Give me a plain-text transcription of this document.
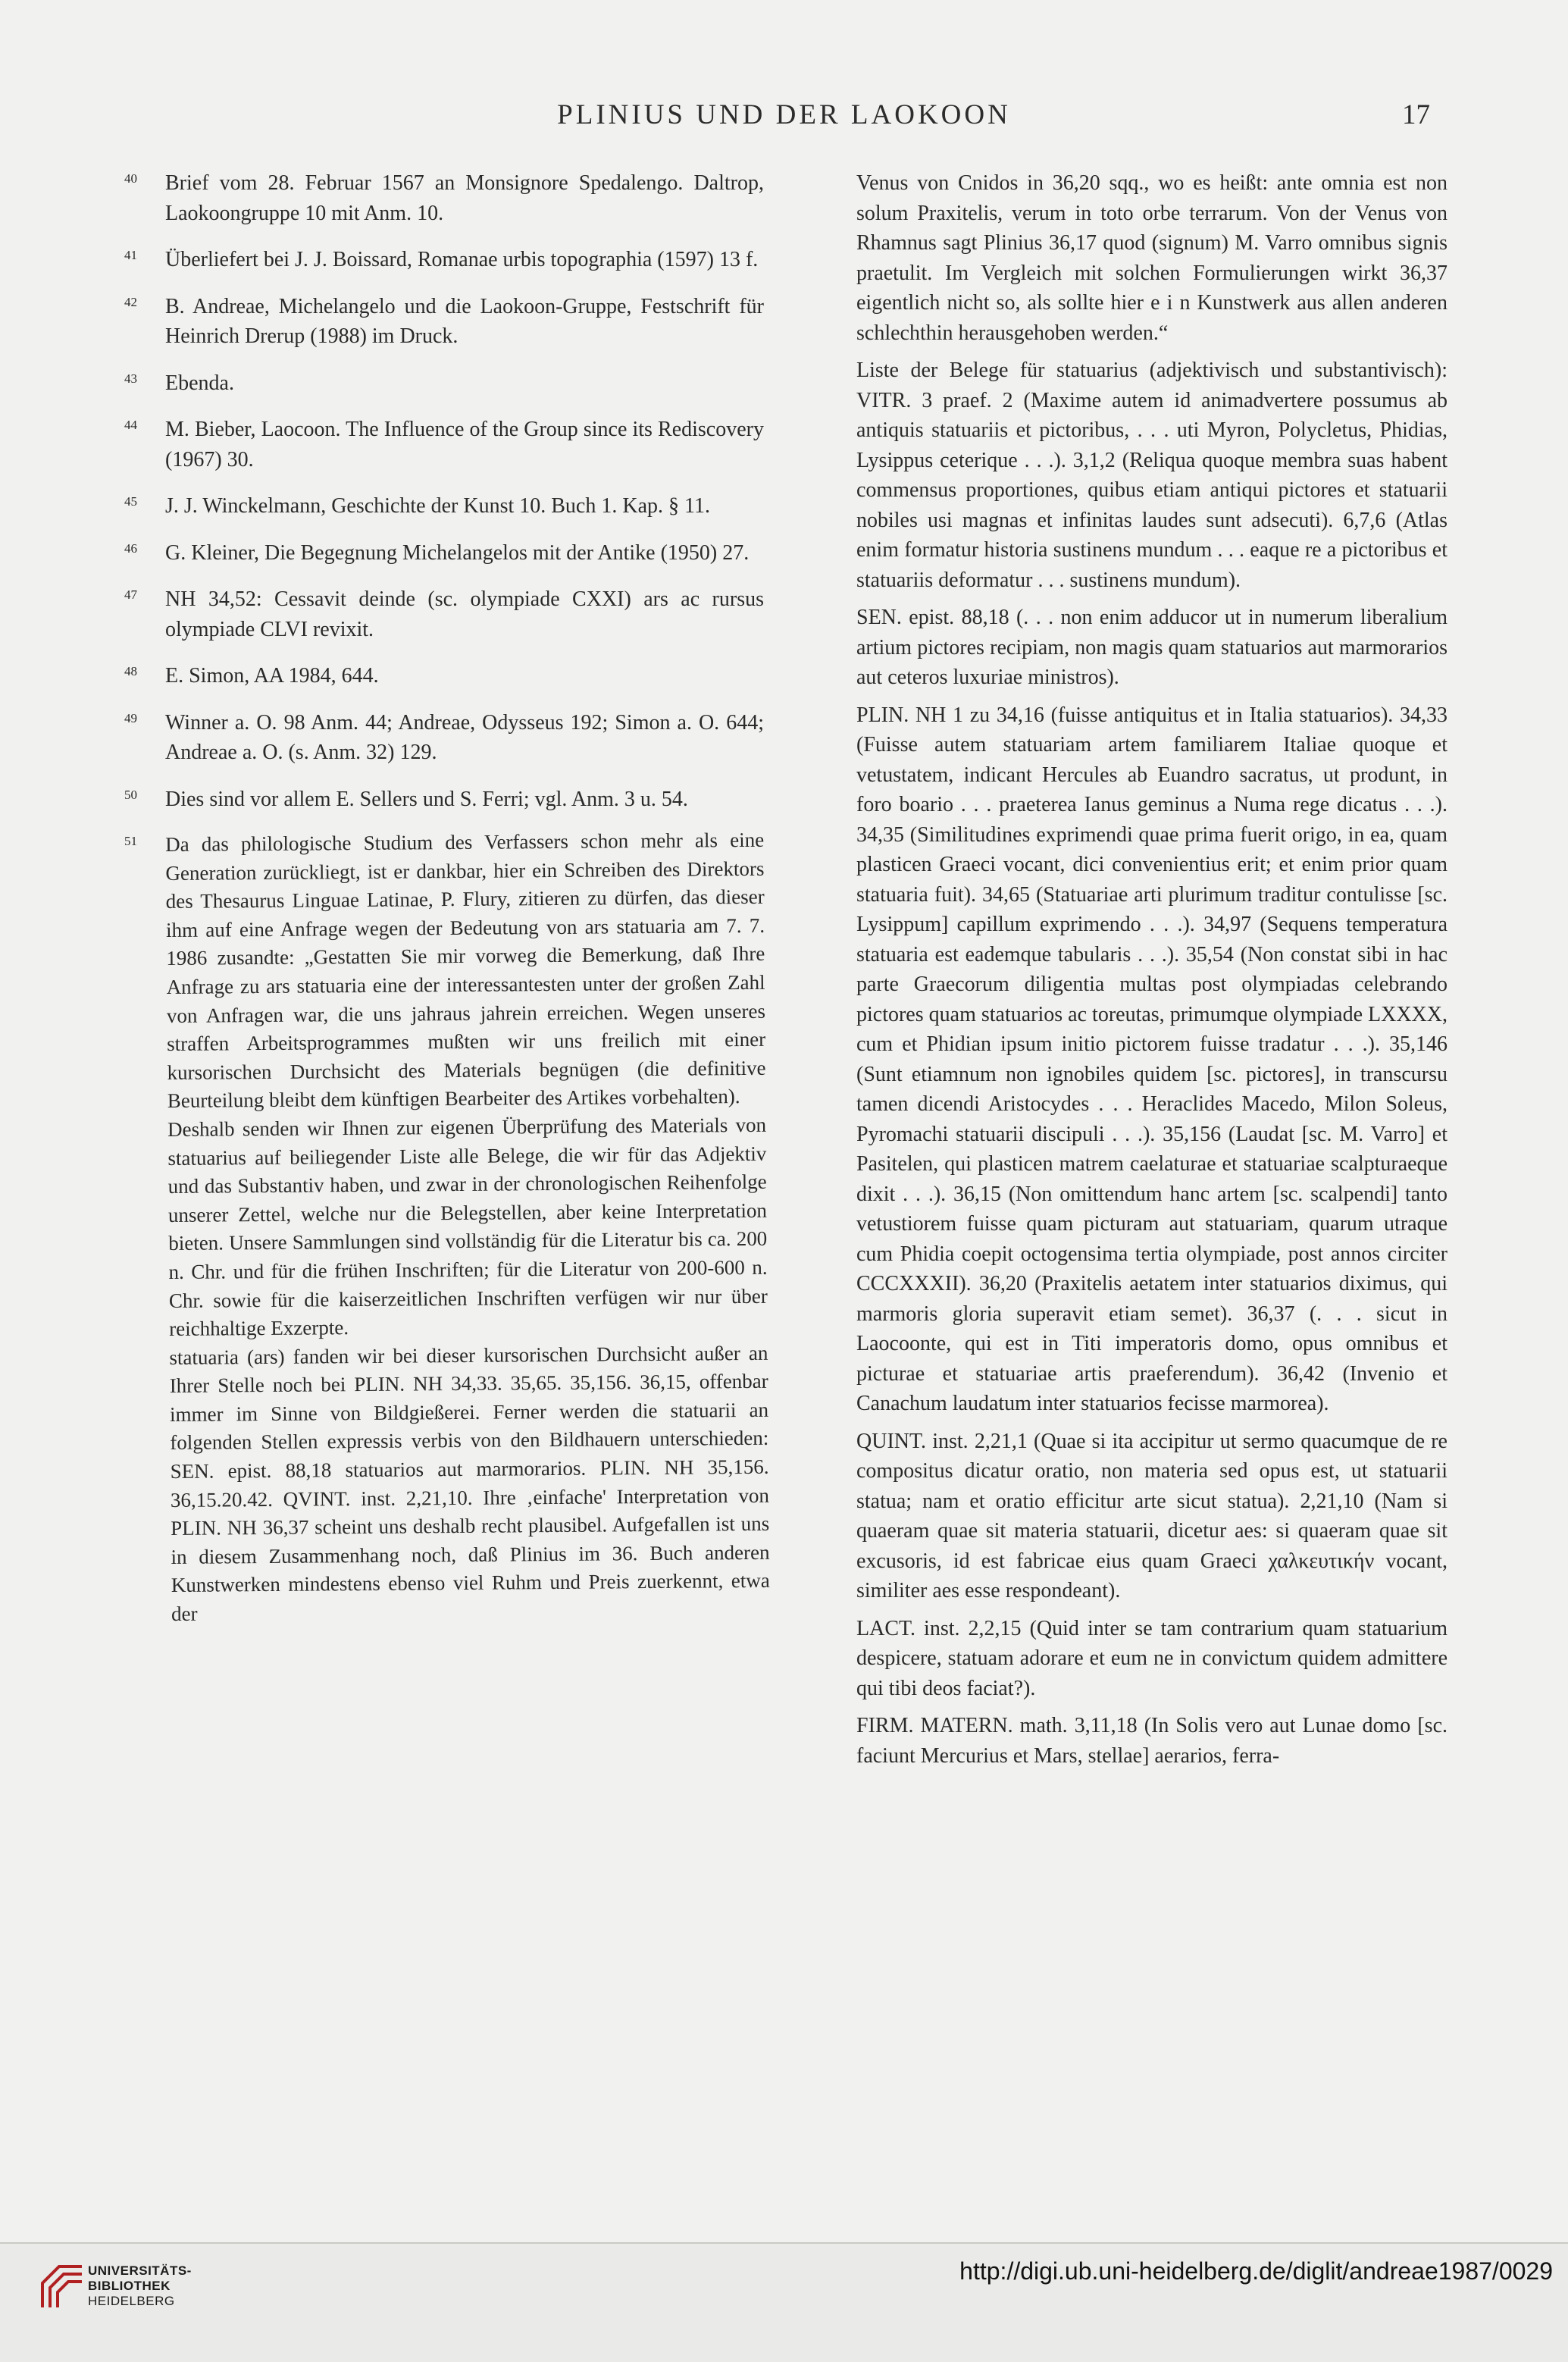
PLINIUS UND DER LAOKOON	17
40	Brief vom 28. Februar 1567 an Monsignore Spedalengo. Daltrop, Laokoongruppe 10 mit Anm. 10.
41	Überliefert bei J. J. Boissard, Romanae urbis topographia (1597) 13 f.
42	B. Andreae, Michelangelo und die Laokoon-Gruppe, Festschrift für Heinrich Drerup (1988) im Druck.
43	Ebenda.
44	M. Bieber, Laocoon. The Influence of the Group since its Rediscovery (1967) 30.
45	J. J. Winckelmann, Geschichte der Kunst 10. Buch 1. Kap. § 11.
46	G. Kleiner, Die Begegnung Michelangelos mit der Antike (1950) 27.
47	NH 34,52: Cessavit deinde (sc. olympiade CXXI) ars ac rursus olympiade CLVI revixit.
48	E. Simon, AA 1984, 644.
49	Winner a. O. 98 Anm. 44; Andreae, Odysseus 192; Simon a. O. 644; Andreae a. O. (s. Anm. 32) 129.
50	Dies sind vor allem E. Sellers und S. Ferri; vgl. Anm. 3 u. 54.
51	Da das philologische Studium des Verfassers schon mehr als eine Generation zurückliegt, ist er dankbar, hier ein Schreiben des Direktors des Thesaurus Linguae Latinae, P. Flury, zitieren zu dürfen, das dieser ihm auf eine Anfrage wegen der Bedeutung von ars statuaria am 7. 7. 1986 zusandte: „Gestatten Sie mir vorweg die Bemerkung, daß Ihre Anfrage zu ars statuaria eine der interessantesten unter der großen Zahl von Anfragen war, die uns jahraus jahrein erreichen. Wegen unseres straffen Arbeitsprogrammes mußten wir uns freilich mit einer kursorischen Durchsicht des Materials begnügen (die definitive Beurteilung bleibt dem künftigen Bearbeiter des Artikes vorbehalten).

Deshalb senden wir Ihnen zur eigenen Überprüfung des Materials von statuarius auf beiliegender Liste alle Belege, die wir für das Adjektiv und das Substantiv haben, und zwar in der chronologischen Reihenfolge unserer Zettel, welche nur die Belegstellen, aber keine Interpretation bieten. Unsere Sammlungen sind vollständig für die Literatur bis ca. 200 n. Chr. und für die frühen Inschriften; für die Literatur von 200-600 n. Chr. sowie für die kaiserzeitlichen Inschriften verfügen wir nur über reichhaltige Exzerpte.

statuaria (ars) fanden wir bei dieser kursorischen Durchsicht außer an Ihrer Stelle noch bei PLIN. NH 34,33. 35,65. 35,156. 36,15, offenbar immer im Sinne von Bildgießerei. Ferner werden die statuarii an folgenden Stellen expressis verbis von den Bildhauern unterschieden: SEN. epist. 88,18 statuarios aut marmorarios. PLIN. NH 35,156. 36,15.20.42. QVINT. inst. 2,21,10. Ihre ‚einfache' Interpretation von PLIN. NH 36,37 scheint uns deshalb recht plausibel. Aufgefallen ist uns in diesem Zusammenhang noch, daß Plinius im 36. Buch anderen Kunstwerken mindestens ebenso viel Ruhm und Preis zuerkennt, etwa der

Venus von Cnidos in 36,20 sqq., wo es heißt: ante omnia est non solum Praxitelis, verum in toto orbe terrarum. Von der Venus von Rhamnus sagt Plinius 36,17 quod (signum) M. Varro omnibus signis praetulit. Im Vergleich mit solchen Formulierungen wirkt 36,37 eigentlich nicht so, als sollte hier e i n Kunstwerk aus allen anderen schlechthin herausgehoben werden.“

Liste der Belege für statuarius (adjektivisch und substantivisch): VITR. 3 praef. 2 (Maxime autem id animadvertere possumus ab antiquis statuariis et pictoribus, . . . uti Myron, Polycletus, Phidias, Lysippus ceterique . . .). 3,1,2 (Reliqua quoque membra suas habent commensus proportiones, quibus etiam antiqui pictores et statuarii nobiles usi magnas et infinitas laudes sunt adsecuti). 6,7,6 (Atlas enim formatur historia sustinens mundum . . . eaque re a pictoribus et statuariis deformatur . . . sustinens mundum).

SEN. epist. 88,18 (. . . non enim adducor ut in numerum liberalium artium pictores recipiam, non magis quam statuarios aut marmorarios aut ceteros luxuriae ministros).

PLIN. NH 1 zu 34,16 (fuisse antiquitus et in Italia statuarios). 34,33 (Fuisse autem statuariam artem familiarem Italiae quoque et vetustatem, indicant Hercules ab Euandro sacratus, ut produnt, in foro boario . . . praeterea Ianus geminus a Numa rege dicatus . . .). 34,35 (Similitudines exprimendi quae prima fuerit origo, in ea, quam plasticen Graeci vocant, dici convenientius erit; et enim prior quam statuaria fuit). 34,65 (Statuariae arti plurimum traditur contulisse [sc. Lysippum] capillum exprimendo . . .). 34,97 (Sequens temperatura statuaria est eademque tabularis . . .). 35,54 (Non constat sibi in hac parte Graecorum diligentia multas post olympiadas celebrando pictores quam statuarios ac toreutas, primumque olympiade LXXXX, cum et Phidian ipsum initio pictorem fuisse tradatur . . .). 35,146 (Sunt etiamnum non ignobiles quidem [sc. pictores], in transcursu tamen dicendi Aristocydes . . . Heraclides Macedo, Milon Soleus, Pyromachi statuarii discipuli . . .). 35,156 (Laudat [sc. M. Varro] et Pasitelen, qui plasticen matrem caelaturae et statuariae scalpturaeque dixit . . .). 36,15 (Non omittendum hanc artem [sc. scalpendi] tanto vetustiorem fuisse quam picturam aut statuariam, quarum utraque cum Phidia coepit octogensima tertia olympiade, post annos circiter CCCXXXII). 36,20 (Praxitelis aetatem inter statuarios diximus, qui marmoris gloria superavit etiam semet). 36,37 (. . . sicut in Laocoonte, qui est in Titi imperatoris domo, opus omnibus et picturae et statuariae artis praeferendum). 36,42 (Invenio et Canachum laudatum inter statuarios fecisse marmorea).

QUINT. inst. 2,21,1 (Quae si ita accipitur ut sermo quacumque de re compositus dicatur oratio, non materia sed opus est, ut statuarii statua; nam et oratio efficitur arte sicut statua). 2,21,10 (Nam si quaeram quae sit materia statuarii, dicetur aes: si quaeram quae sit excusoris, id est fabricae eius quam Graeci χαλκευτικήν vocant, similiter aes esse respondeant).

LACT. inst. 2,2,15 (Quid inter se tam contrarium quam statuarium despicere, statuam adorare et eum ne in convictum quidem admittere qui tibi deos faciat?).

FIRM. MATERN. math. 3,11,18 (In Solis vero aut Lunae domo [sc. faciunt Mercurius et Mars, stellae] aerarios, ferra-

UNIVERSITÄTS-
BIBLIOTHEK
HEIDELBERG
http://digi.ub.uni-heidelberg.de/diglit/andreae1987/0029
